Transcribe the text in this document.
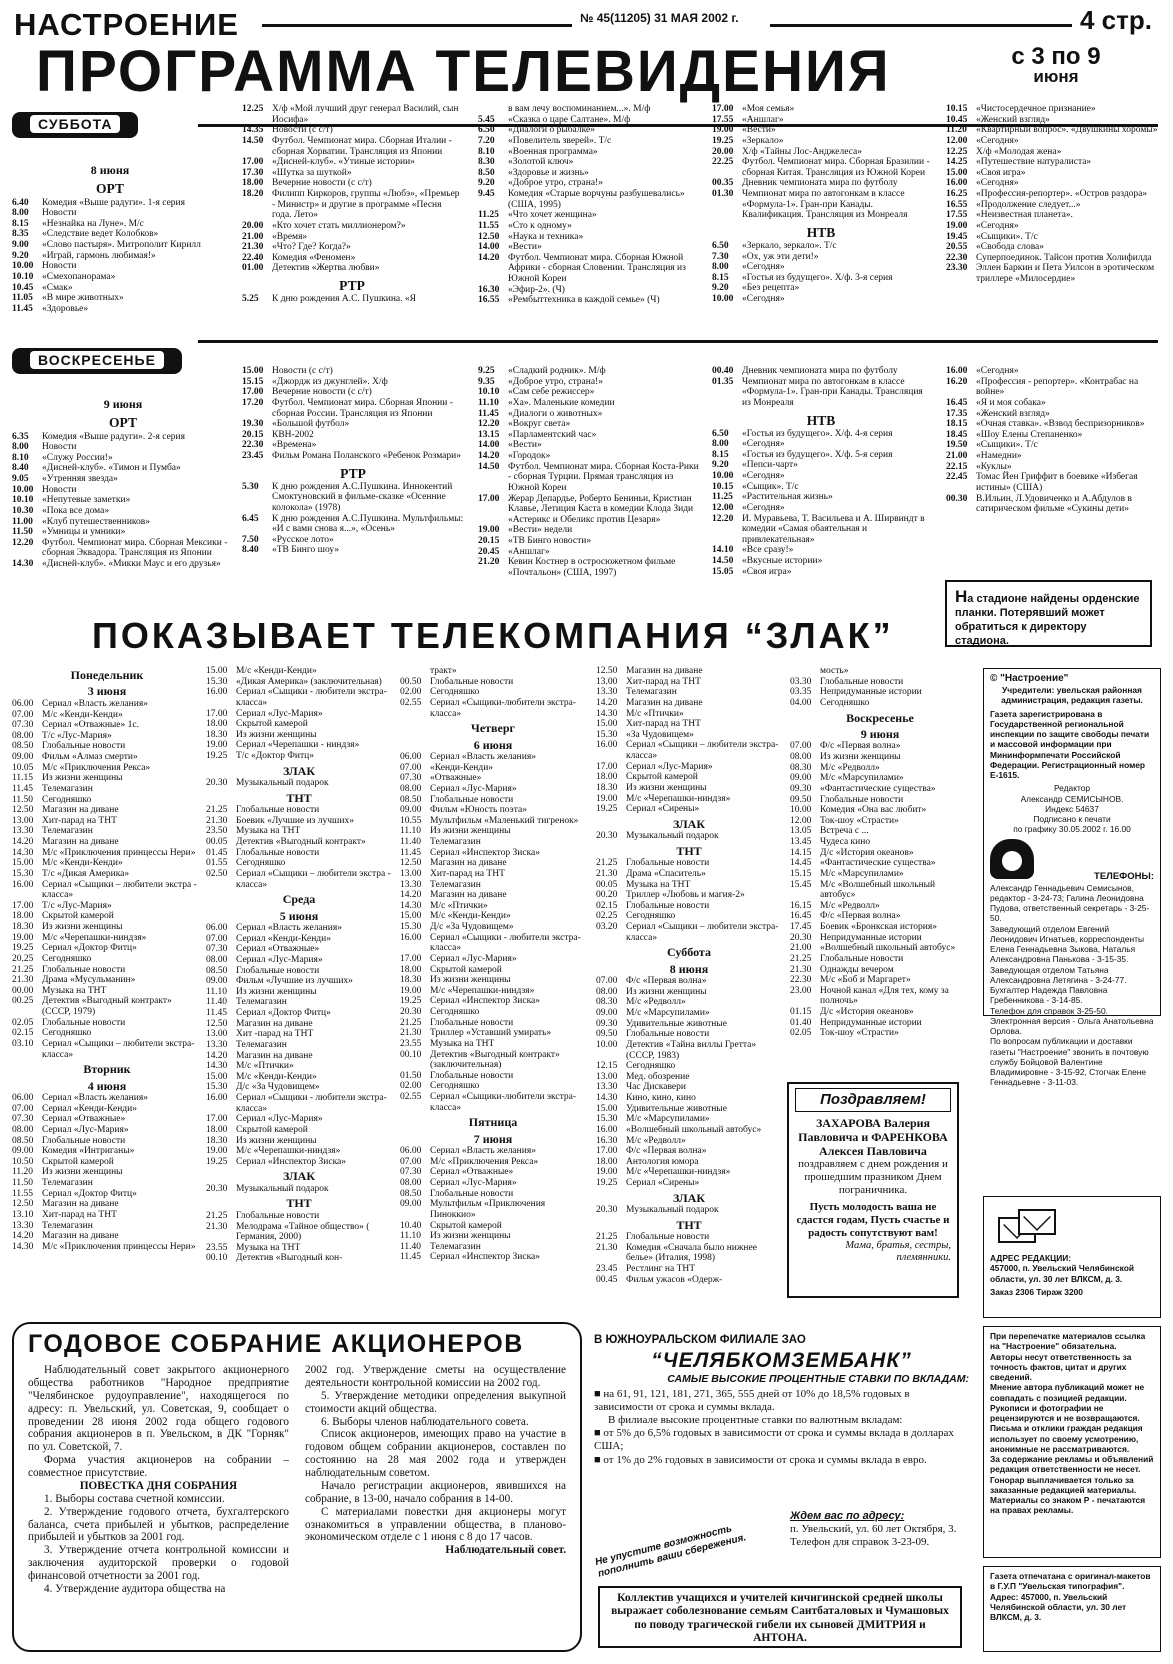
НАСТРОЕНИЕ	№ 45(11205) 31 МАЯ 2002 г.	4 стр.
ПРОГРАММА ТЕЛЕВИДЕНИЯ	с 3 по 9
июня
СУББОТА
8 июня
ОРТ
6.40	Комедия «Выше радуги». 1-я серия
8.00	Новости
8.15	«Незнайка на Луне». М/с
8.35	«Следствие ведет Колобков»
9.00	«Слово пастыря». Митрополит Кирилл
9.20	«Играй, гармонь любимая!»
10.00 Новости
10.10 «Смехопанорама»
10.45 «Смак»
11.05 «В мире животных»
11.45 «Здоровье»
12.25 Х/ф «Мой лучший друг генерал Василий, сын Иосифа»
14.35 Новости (с с/т)
14.50 Футбол. Чемпионат мира. Сборная Италии - сборная Хорватии. Трансляция из Японии
17.00 «Дисней-клуб». «Утиные истории»
17.30 «Шутка за шуткой»
18.00 Вечерние новости (с с/т)
18.20 Филипп Киркоров, группы «Любэ», «Премьер - Министр» и другие в программе «Песня года. Лето»
20.00 «Кто хочет стать миллионером?»
21.00 «Время»
21.30 «Что? Где? Когда?»
22.40 Комедия «Феномен»
01.00 Детектив «Жертва любви»
РТР
5.25	К дню рождения А.С. Пушкина. «Я
в вам лечу воспоминанием...». М/ф
5.45	«Сказка о царе Салтане». М/ф
6.50	«Диалоги о рыбалке»
7.20	«Повелитель зверей». Т/с
8.10	«Военная программа»
8.30	«Золотой ключ»
8.50	«Здоровье и жизнь»
9.20	«Доброе утро, страна!»
9.45	Комедия «Старые ворчуны разбушевались» (США, 1995)
11.25 «Что хочет женщина»
11.55 «Сто к одному»
12.50 «Наука и техника»
14.00 «Вести»
14.20 Футбол. Чемпионат мира. Сборная Южной Африки - сборная Словении. Трансляция из Южной Кореи
16.30 «Эфир-2». (Ч)
16.55 «Рембыттехника в каждой семье» (Ч)
17.00 «Моя семья»
17.55 «Аншлаг»
19.00 «Вести»
19.25 «Зеркало»
20.00 Х/ф «Тайны Лос-Анджелеса»
22.25 Футбол. Чемпионат мира. Сборная Бразилии - сборная Китая. Трансляция из Южной Кореи
00.35 Дневник чемпионата мира по футболу
01.30 Чемпионат мира по автогонкам в классе «Формула-1». Гран-при Канады. Квалификация. Трансляция из Монреаля
НТВ
6.50	«Зеркало, зеркало». Т/с
7.30	«Ох, уж эти дети!»
8.00	«Сегодня»
8.15	«Гостья из будущего». Х/ф. 3-я серия
9.20	«Без рецепта»
10.00 «Сегодня»
10.15 «Чистосердечное признание»
10.45 «Женский взгляд»
11.20 «Квартирный вопрос». «Двушкины хоромы»
12.00 «Сегодня»
12.25 Х/ф «Молодая жена»
14.25 «Путешествие натуралиста»
15.00 «Своя игра»
16.00 «Сегодня»
16.25 «Профессия-репортер». «Остров раздора»
16.55 «Продолжение следует...»
17.55 «Неизвестная планета».
19.00 «Сегодня»
19.45 «Сыщики». Т/с
20.55 «Свобода слова»
22.30 Суперпоединок. Тайсон против Холифилда
23.30 Эллен Баркин и Пета Уилсон в эротическом триллере «Милосердие»
ВОСКРЕСЕНЬЕ
9 июня
ОРТ
6.35	Комедия «Выше радуги». 2-я серия
8.00	Новости
8.10	«Служу России!»
8.40	«Дисней-клуб». «Тимон и Пумба»
9.05	«Утренняя звезда»
10.00 Новости
10.10 «Непутевые заметки»
10.30 «Пока все дома»
11.00 «Клуб путешественников»
11.50 «Умницы и умники»
12.20 Футбол. Чемпионат мира. Сборная Мексики - сборная Эквадора. Трансляция из Японии
14.30 «Дисней-клуб». «Микки Маус и его друзья»
15.00 Новости (с с/т)
15.15 «Джордж из джунглей». Х/ф
17.00 Вечерние новости (с с/т)
17.20 Футбол. Чемпионат мира. Сборная Японии - сборная России. Трансляция из Японии
19.30 «Большой футбол»
20.15 КВН-2002
22.30 «Времена»
23.45 Фильм Романа Поланского «Ребенок Розмари»
РТР
5.30	К дню рождения А.С.Пушкина. Иннокентий Смоктуновский в фильме-сказке «Осенние колокола» (1978)
6.45	К дню рождения А.С.Пушкина. Мультфильмы: «И с вами снова я...», «Осень»
7.50	«Русское лото»
8.40	«ТВ Бинго шоу»
9.25	«Сладкий родник». М/ф
9.35	«Доброе утро, страна!»
10.10 «Сам себе режиссер»
11.10 «Ха». Маленькие комедии
11.45 «Диалоги о животных»
12.20 «Вокруг света»
13.15 «Парламентский час»
14.00 «Вести»
14.20 «Городок»
14.50 Футбол. Чемпионат мира. Сборная Коста-Рики - сборная Турции. Прямая трансляция из Южной Кореи
17.00 Жерар Депардье, Роберто Бениньи, Кристиан Клавье, Летиция Каста в комедии Клода Зиди «Астерикс и Обеликс против Цезаря»
19.00 «Вести» недели
20.15 «ТВ Бинго новости»
20.45 «Аншлаг»
21.20 Кевин Костнер в остросюжетном фильме «Почтальон» (США, 1997)
00.40 Дневник чемпионата мира по футболу
01.35 Чемпионат мира по автогонкам в классе «Формула-1». Гран-при Канады. Трансляция из Монреаля
НТВ
6.50	«Гостья из будущего». Х/ф. 4-я серия
8.00	«Сегодня»
8.15	«Гостья из будущего». Х/ф. 5-я серия
9.20	«Пепси-чарт»
10.00 «Сегодня»
10.15 «Сыщик». Т/с
11.25 «Растительная жизнь»
12.00 «Сегодня»
12.20 И. Муравьева, Т. Васильева и А. Ширвиндт в комедии «Самая обаятельная и привлекательная»
14.10 «Все сразу!»
14.50 «Вкусные истории»
15.05 «Своя игра»
16.00 «Сегодня»
16.20 «Профессия - репортер». «Контрабас на войне»
16.45 «Я и моя собака»
17.35 «Женский взгляд»
18.15 «Очная ставка». «Взвод беспризорников»
18.45 «Шоу Елены Степаненко»
19.50 «Сыщики». Т/с
21.00 «Намедни»
22.15 «Куклы»
22.45 Томас Йен Гриффит в боевике «Избегая истины» (США)
00.30 В.Ильин, Л.Удовиченко и А.Абдулов в сатирическом фильме «Сукины дети»
На стадионе найдены орденские планки. Потерявший может обратиться к директору стадиона.
ПОКАЗЫВАЕТ ТЕЛЕКОМПАНИЯ “ЗЛАК”
Понедельник
3 июня
06.00 Сериал «Власть желания»
07.00 М/с «Кенди-Кенди»
07.30 Сериал «Отважные» 1с.
08.00 Т/с «Лус-Мария»
08.50 Глобальные новости
09.00 Фильм «Алмаз смерти»
10.05 М/с «Приключения Рекса»
11.15 Из жизни женщины
11.45 Телемагазин
11.50 Сегодняшко
12.50 Магазин на диване
13.00 Хит-парад на ТНТ
13.30 Телемагазин
14.20 Магазин на диване
14.30 М/с «Приключения принцессы Нери»
15.00 М/с «Кенди-Кенди»
15.30 Т/с «Дикая Америка»
16.00 Сериал «Сыщики – любители экстра - класса»
17.00 Т/с «Лус-Мария»
18.00 Скрытой камерой
18.30 Из жизни женщины
19.00 М/с «Черепашки-ниндзя»
19.25 Сериал «Доктор Фитц»
20.25 Сегодняшко
21.25 Глобальные новости
21.30 Драма «Мусульманин»
00.00 Музыка на ТНТ
00.25 Детектив «Выгодный контракт» (СССР, 1979)
02.05 Глобальные новости
02.15 Сегодняшко
03.10 Сериал «Сыщики – любители экстра-класса»
Вторник
4 июня
06.00 Сериал «Власть желания»
07.00 Сериал «Кенди-Кенди»
07.30 Сериал «Отважные»
08.00 Сериал «Лус-Мария»
08.50 Глобальные новости
09.00 Комедия «Интриганы»
10.50 Скрытой камерой
11.20 Из жизни женщины
11.50 Телемагазин
11.55 Сериал «Доктор Фитц»
12.50 Магазин на диване
13.10 Хит-парад на ТНТ
13.30 Телемагазин
14.20 Магазин на диване
14.30 М/с «Приключения принцессы Нери»
15.00 М/с «Кенди-Кенди»
15.30 «Дикая Америка» (заключительная)
16.00 Сериал «Сыщики - любители экстра-класса»
17.00 Сериал «Лус-Мария»
18.00 Скрытой камерой
18.30 Из жизни женщины
19.00 Сериал «Черепашки - ниндзя»
19.25 Т/с «Доктор Фитц»
ЗЛАК
20.30 Музыкальный подарок
ТНТ
21.25 Глобальные новости
21.30 Боевик «Лучшие из лучших»
23.50 Музыка на ТНТ
00.05 Детектив «Выгодный контракт»
01.45 Глобальные новости
01.55 Сегодняшко
02.50 Сериал «Сыщики – любители экстра - класса»
Среда
5 июня
06.00 Сериал «Власть желания»
07.00 Сериал «Кенди-Кенди»
07.30 Сериал «Отважные»
08.00 Сериал «Лус-Мария»
08.50 Глобальные новости
09.00 Фильм «Лучшие из лучших»
11.10 Из жизни женщины
11.40 Телемагазин
11.45 Сериал «Доктор Фитц»
12.50 Магазин на диване
13.00 Хит -парад на ТНТ
13.30 Телемагазин
14.20 Магазин на диване
14.30 М/с «Птички»
15.00 М/с «Кенди-Кенди»
15.30 Д/с «За Чудовищем»
16.00 Сериал «Сыщики - любители экстра- класса»
17.00 Сериал «Лус-Мария»
18.00 Скрытой камерой
18.30 Из жизни женщины
19.00 М/с «Черепашки-ниндзя»
19.25 Сериал «Инспектор Зиска»
ЗЛАК
20.30 Музыкальный подарок
ТНТ
21.25 Глобальные новости
21.30 Мелодрама «Тайное общество» ( Германия, 2000)
23.55 Музыка на ТНТ
00.10 Детектив «Выгодный кон-
тракт»
00.50 Глобальные новости
02.00 Сегодняшко
02.55 Сериал «Сыщики-любители экстра-класса»
Четверг
6 июня
06.00 Сериал «Власть желания»
07.00 «Кенди-Кенди»
07.30 «Отважные»
08.00 Сериал «Лус-Мария»
08.50 Глобальные новости
09.00 Фильм «Юность поэта»
10.55 Мультфильм «Маленький тигренок»
11.10 Из жизни женщины
11.40 Телемагазин
11.45 Сериал «Инспектор Зиска»
12.50 Магазин на диване
13.00 Хит-парад на ТНТ
13.30 Телемагазин
14.20 Магазин на диване
14.30 М/с «Птички»
15.00 М/с «Кенди-Кенди»
15.30 Д/с «За Чудовищем»
16.00 Сериал «Сыщики - любители экстра-класса»
17.00 Сериал «Лус-Мария»
18.00 Скрытой камерой
18.30 Из жизни женщины
19.00 М/с «Черепашки-ниндзя»
19.25 Сериал «Инспектор Зиска»
20.30 Сегодняшко
21.25 Глобальные новости
21.30 Триллер «Уставший умирать»
23.55 Музыка на ТНТ
00.10 Детектив «Выгодный контракт» (заключительная)
01.50 Глобальные новости
02.00 Сегодняшко
02.55 Сериал «Сыщики-любители экстра-класса»
Пятница
7 июня
06.00 Сериал «Власть желания»
07.00 М/с «Приключения Рекса»
07.30 Сериал «Отважные»
08.00 Сериал «Лус-Мария»
08.50 Глобальные новости
09.00 Мультфильм «Приключения Пиноккио»
10.40 Скрытой камерой
11.10 Из жизни женщины
11.40 Телемагазин
11.45 Сериал «Инспектор Зиска»
12.50 Магазин на диване
13.00 Хит-парад на ТНТ
13.30 Телемагазин
14.20 Магазин на диване
14.30 М/с «Птички»
15.00 Хит-парад на ТНТ
15.30 «За Чудовищем»
16.00 Сериал «Сыщики – любители экстра-класса»
17.00 Сериал «Лус-Мария»
18.00 Скрытой камерой
18.30 Из жизни женщины
19.00 М/с «Черепашки-ниндзя»
19.25 Сериал «Сирены»
ЗЛАК
20.30 Музыкальный подарок
ТНТ
21.25 Глобальные новости
21.30 Драма «Спаситель»
00.05 Музыка на ТНТ
00.20 Триллер «Любовь и магия-2»
02.15 Глобальные новости
02.25 Сегодняшко
03.20 Сериал «Сыщики – любители экстра-класса»
Суббота
8 июня
07.00 Ф/с «Первая волна»
08.00 Из жизни женщины
08.30 М/с «Редволл»
09.00 М/с «Марсупилами»
09.30 Удивительные животные
09.50 Глобальные новости
10.00 Детектив «Тайна виллы Гретта» (СССР, 1983)
12.15 Сегодняшко
13.00 Мед. обозрение
13.30 Час Дискавери
14.30 Кино, кино, кино
15.00 Удивительные животные
15.30 М/с «Марсупилами»
16.00 «Волшебный школьный автобус»
16.30 М/с «Редволл»
17.00 Ф/с «Первая волна»
18.00 Антология юмора
19.00 М/с «Черепашки-ниндзя»
19.25 Сериал «Сирены»
ЗЛАК
20.30 Музыкальный подарок
ТНТ
21.25 Глобальные новости
21.30 Комедия «Сначала было нижнее белье» (Италия, 1998)
23.45 Рестлинг на ТНТ
00.45 Фильм ужасов «Одерж-
мость»
03.30 Глобальные новости
03.35 Непридуманные истории
04.00 Сегодняшко
Воскресенье
9 июня
07.00 Ф/с «Первая волна»
08.00 Из жизни женщины
08.30 М/с «Редволл»
09.00 М/с «Марсупилами»
09.30 «Фантастические существа»
09.50 Глобальные новости
10.00 Комедия «Она вас любит»
12.00 Ток-шоу «Страсти»
13.05 Встреча с ...
13.45 Чудеса кино
14.15 Д/с «История океанов»
14.45 «Фантастические существа»
15.15 М/с «Марсупилами»
15.45 М/с «Волшебный школьный автобус»
16.15 М/с «Редволл»
16.45 Ф/с «Первая волна»
17.45 Боевик «Бронкская история»
20.30 Непридуманные истории
21.00 «Волшебный школьный автобус»
21.25 Глобальные новости
21.30 Однажды вечером
22.30 М/с «Боб и Маргарет»
23.00 Ночной канал «Для тех, кому за полночь»
01.15 Д/с «История океанов»
01.40 Непридуманные истории
02.05 Ток-шоу «Страсти»
Поздравляем!
ЗАХАРОВА Валерия Павловича и ФАРЕНКОВА Алексея Павловича
поздравляем с днем рождения и прошедшим празником Днем пограничника.
Пусть молодость ваша не сдастся годам, Пусть счастье и радость сопутствуют вам!
Мама, братья, сестры, племянники.
© "Настроение"
Учредители: увельская районная администрация, редакция газеты.
Газета зарегистрирована в Государственной региональной инспекции по защите свободы печати и массовой информации при Мининформпечати Российской Федерации. Регистрационный номер Е-1615.
Редактор
Александр СЕМИСЫНОВ.
Индекс 54637
Подписано к печати
по графику 30.05.2002 г. 16.00
ТЕЛЕФОНЫ:
Александр Геннадьевич Семисынов, редактор - 3-24-73; Галина Леонидовна Пудова, ответственный секретарь - 3-25-50.
Заведующий отделом Евгений Леонидович Игнатьев, корреспонденты Елена Геннадьевна Зыкова, Наталья Александровна Панькова - 3-15-35.
Заведующая отделом Татьяна Александровна Летягина - 3-24-77. Бухгалтер Надежда Павловна Гребенникова - 3-14-85.
Телефон для справок 3-25-50.
Электронная версия - Ольга Анатольевна Орлова.
По вопросам публикации и доставки газеты "Настроение" звонить в почтовую службу Бойцовой Валентине Владимировне - 3-15-92, Стогчак Елене Геннадьевне - 3-11-03.
АДРЕС РЕДАКЦИИ:
457000, п. Увельский Челябинской области, ул. 30 лет ВЛКСМ, д. 3.
Заказ 2306 Тираж 3200
При перепечатке материалов ссылка на "Настроение" обязательна.
Авторы несут ответственность за точность фактов, цитат и других сведений.
Мнение автора публикаций может не совпадать с позицией редакции. Рукописи и фотографии не рецензируются и не возвращаются.
Письма и отклики граждан редакция использует по своему усмотрению, анонимные не рассматриваются.
За содержание рекламы и объявлений редакция ответственности не несет.
Гонорар выплачивается только за заказанные редакцией материалы.
Материалы со знаком Р - печатаются на правах рекламы.
Газета отпечатана с оригинал-макетов в Г.У.П "Увельская типография".
Адрес: 457000, п. Увельский Челябинской области, ул. 30 лет ВЛКСМ, д. 3.
ГОДОВОЕ СОБРАНИЕ АКЦИОНЕРОВ

Наблюдательный совет закрытого акционерного общества работников "Народное предприятие "Челябинское рудоуправление", находящегося по адресу: п. Увельский, ул. Советская, 9, сообщает о проведении 28 июня 2002 года общего годового собрания акционеров в п. Увельском, в ДК "Горняк" по ул. Советской, 7.

Форма участия акционеров на собрании – совместное присутствие.

ПОВЕСТКА ДНЯ СОБРАНИЯ

1. Выборы состава счетной комиссии.

2. Утверждение годового отчета, бухгалтерского баланса, счета прибылей и убытков, распределение прибылей и убытков за 2001 год.

3. Утверждение отчета контрольной комиссии и заключения аудиторской проверки о годовой финансовой отчетности за 2001 год.

4. Утверждение аудитора общества на

2002 год. Утверждение сметы на осуществление деятельности контрольной комиссии на 2002 год.

5. Утверждение методики определения выкупной стоимости акций общества.

6. Выборы членов наблюдательного совета.

Список акционеров, имеющих право на участие в годовом общем собрании акционеров, составлен по состоянию на 28 мая 2002 года и утвержден наблюдательным советом.

Начало регистрации акционеров, явившихся на собрание, в 13-00, начало собрания в 14-00.

С материалами повестки дня акционеры могут ознакомиться в управлении общества, в планово-экономическом отделе с 1 июня с 8 до 17 часов.

Наблюдательный совет.
В ЮЖНОУРАЛЬСКОМ ФИЛИАЛЕ ЗАО
“ЧЕЛЯБКОМЗЕМБАНК”
САМЫЕ ВЫСОКИЕ ПРОЦЕНТНЫЕ СТАВКИ ПО ВКЛАДАМ:
■ на 61, 91, 121, 181, 271, 365, 555 дней от 10% до 18,5% годовых в зависимости от срока и суммы вклада.
В филиале высокие процентные ставки по валютным вкладам:
■ от 5% до 6,5% годовых в зависимости от срока и суммы вклада в долларах США;
■ от 1% до 2% годовых в зависимости от срока и суммы вклада в евро.
Не упустите возможность пополнить ваши сбережения.
Ждем вас по адресу:
п. Увельский, ул. 60 лет Октября, 3. Телефон для справок 3-23-09.
Коллектив учащихся и учителей кичигинской средней школы выражает соболезнование семьям Саитбаталовых и Чумашовых по поводу трагической гибели их сыновей ДМИТРИЯ и АНТОНА.
